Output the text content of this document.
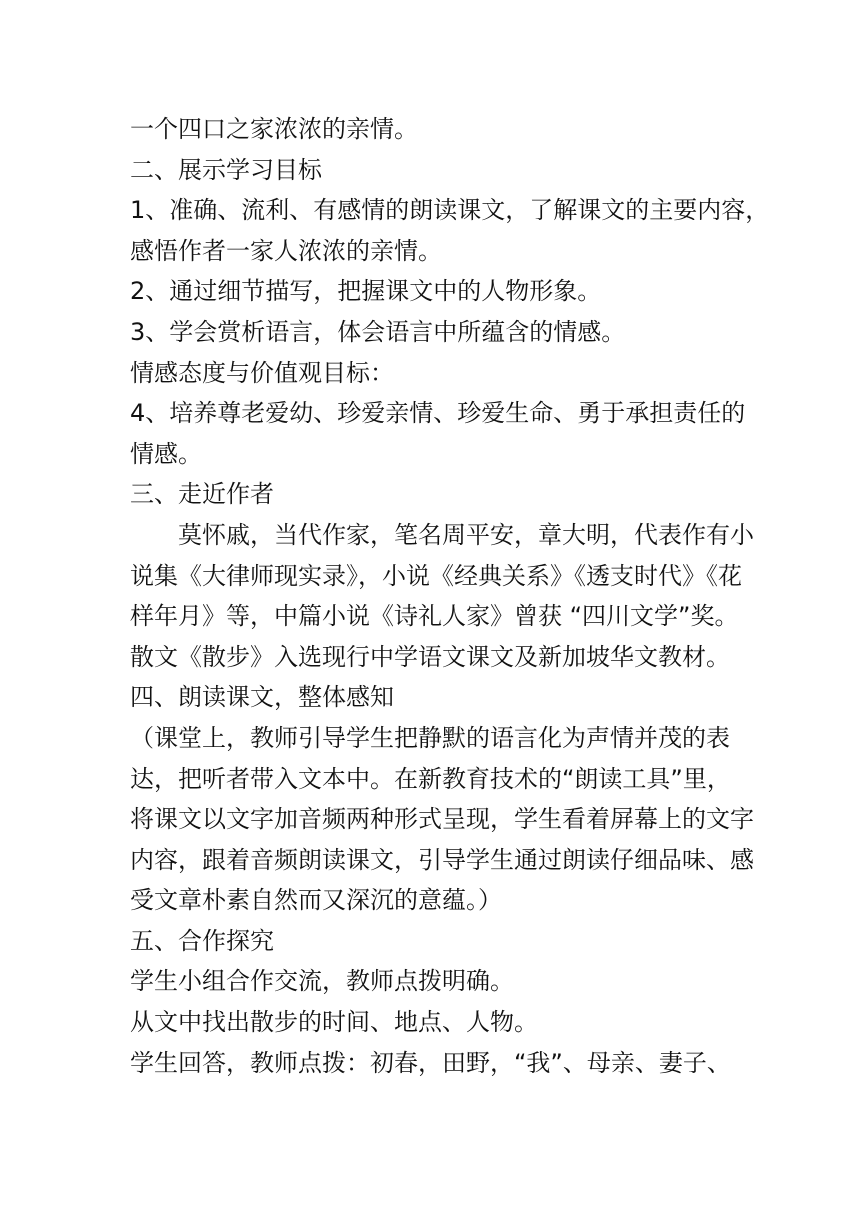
一个四口之家浓浓的亲情。
二、展示学习目标
1、准确、流利、有感情的朗读课文，了解课文的主要内容，
感悟作者一家人浓浓的亲情。
2、通过细节描写，把握课文中的人物形象。
3、学会赏析语言，体会语言中所蕴含的情感。
情感态度与价值观目标：
4、培养尊老爱幼、珍爱亲情、珍爱生命、勇于承担责任的
情感。
三、走近作者
莫怀戚，当代作家，笔名周平安，章大明，代表作有小
说集《大律师现实录》，小说《经典关系》《透支时代》《花
样年月》等，中篇小说《诗礼人家》曾获 “四川文学”奖。
散文《散步》入选现行中学语文课文及新加坡华文教材。
四、朗读课文，整体感知
（课堂上，教师引导学生把静默的语言化为声情并茂的表
达，把听者带入文本中。在新教育技术的“朗读工具”里，
将课文以文字加音频两种形式呈现，学生看着屏幕上的文字
内容，跟着音频朗读课文，引导学生通过朗读仔细品味、感
受文章朴素自然而又深沉的意蕴。）
五、合作探究
学生小组合作交流，教师点拨明确。
从文中找出散步的时间、地点、人物。
学生回答，教师点拨：初春，田野，“我”、母亲、妻子、
